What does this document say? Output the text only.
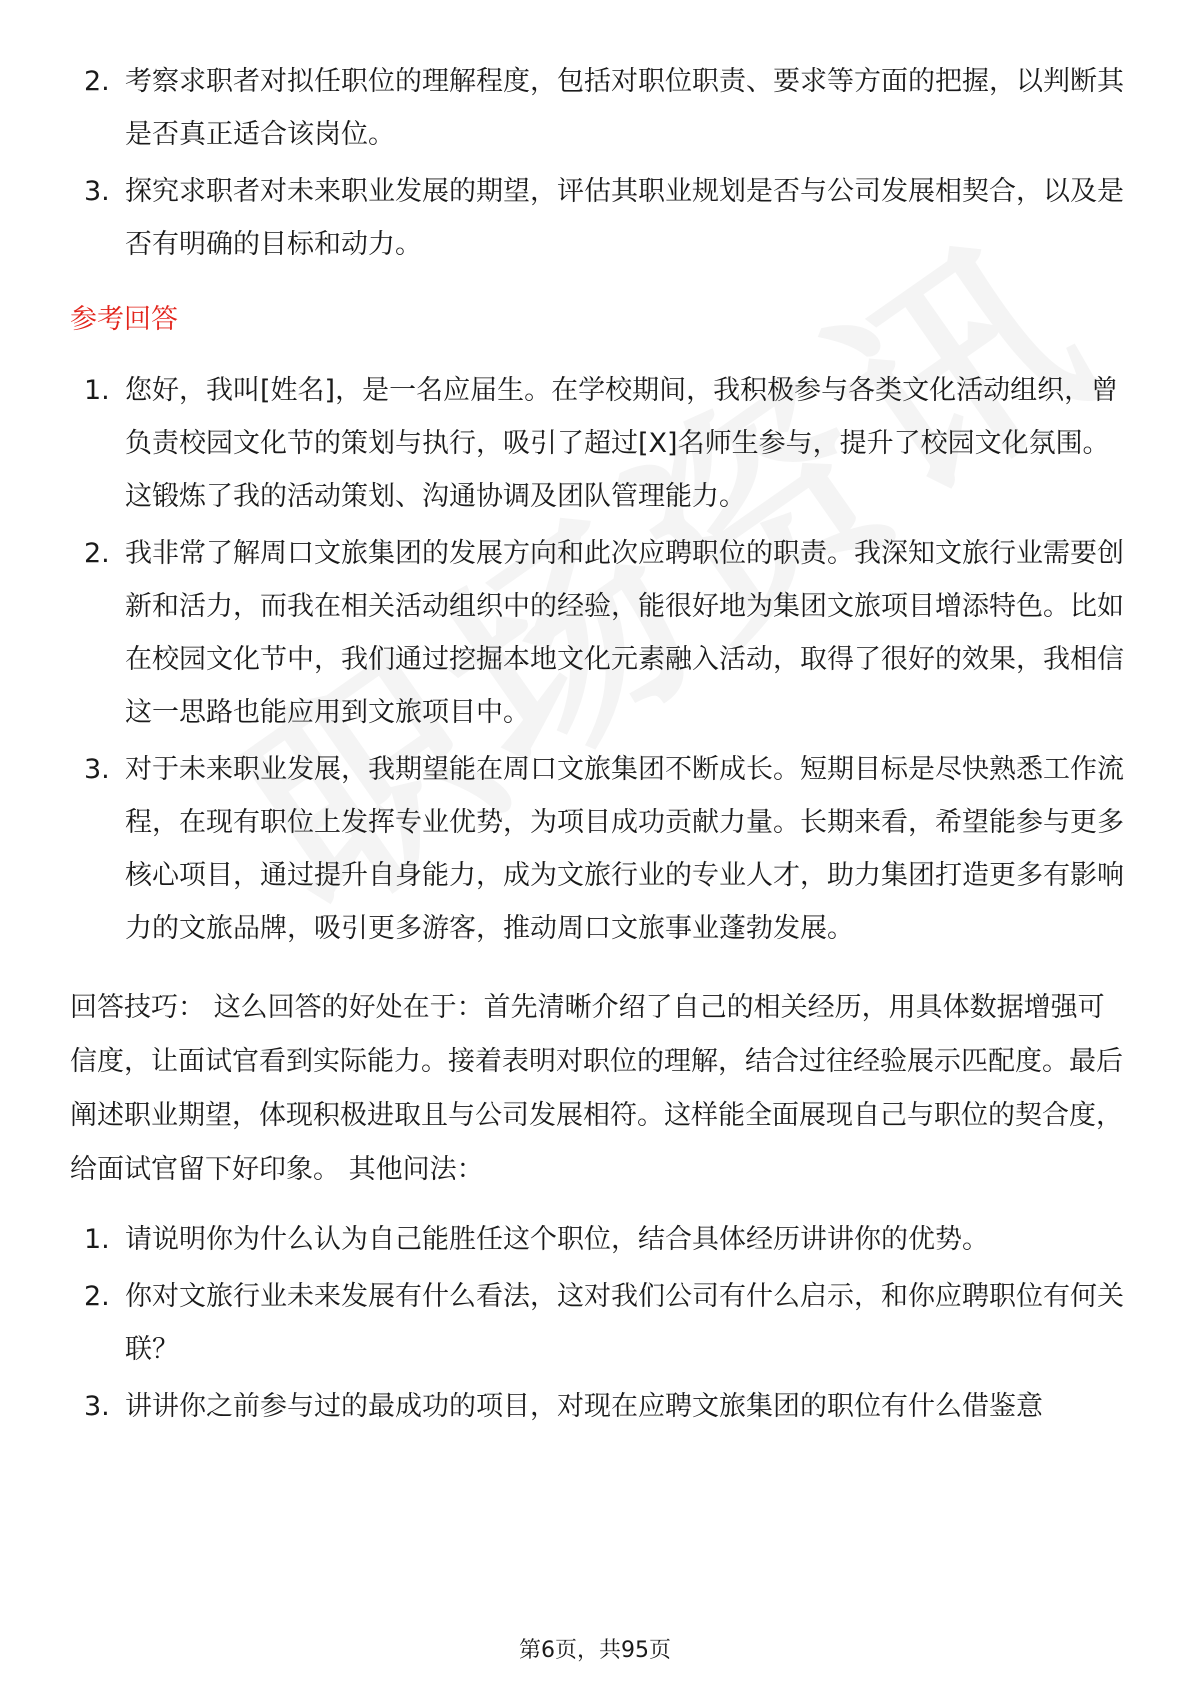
2. 考察求职者对拟任职位的理解程度，包括对职位职责、要求等方面的把握，以判断其是否真正适合该岗位。
3. 探究求职者对未来职业发展的期望，评估其职业规划是否与公司发展相契合，以及是否有明确的目标和动力。
参考回答
1. 您好，我叫[姓名]，是一名应届生。在学校期间，我积极参与各类文化活动组织，曾负责校园文化节的策划与执行，吸引了超过[X]名师生参与，提升了校园文化氛围。这锻炼了我的活动策划、沟通协调及团队管理能力。
2. 我非常了解周口文旅集团的发展方向和此次应聘职位的职责。我深知文旅行业需要创新和活力，而我在相关活动组织中的经验，能很好地为集团文旅项目增添特色。比如在校园文化节中，我们通过挖掘本地文化元素融入活动，取得了很好的效果，我相信这一思路也能应用到文旅项目中。
3. 对于未来职业发展，我期望能在周口文旅集团不断成长。短期目标是尽快熟悉工作流程，在现有职位上发挥专业优势，为项目成功贡献力量。长期来看，希望能参与更多核心项目，通过提升自身能力，成为文旅行业的专业人才，助力集团打造更多有影响力的文旅品牌，吸引更多游客，推动周口文旅事业蓬勃发展。
回答技巧： 这么回答的好处在于：首先清晰介绍了自己的相关经历，用具体数据增强可信度，让面试官看到实际能力。接着表明对职位的理解，结合过往经验展示匹配度。最后阐述职业期望，体现积极进取且与公司发展相符。这样能全面展现自己与职位的契合度，给面试官留下好印象。 其他问法：
1. 请说明你为什么认为自己能胜任这个职位，结合具体经历讲讲你的优势。
2. 你对文旅行业未来发展有什么看法，这对我们公司有什么启示，和你应聘职位有何关联？
3. 讲讲你之前参与过的最成功的项目，对现在应聘文旅集团的职位有什么借鉴意
第6页，共95页
